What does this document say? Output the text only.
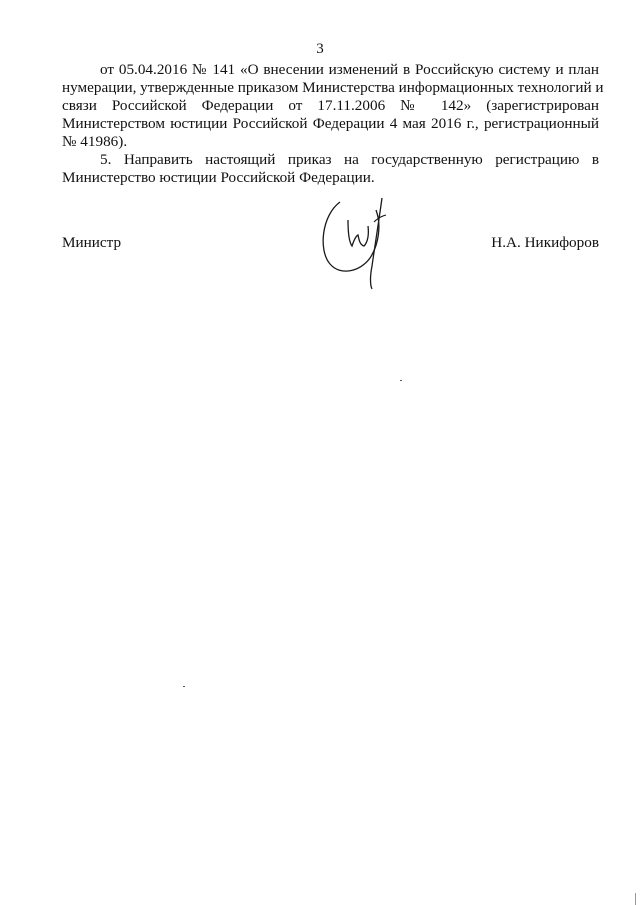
3
от 05.04.2016 № 141 «О внесении изменений в Российскую систему и план
нумерации, утвержденные приказом Министерства информационных технологий и
связи Российской Федерации от 17.11.2006 № 142» (зарегистрирован
Министерством юстиции Российской Федерации 4 мая 2016 г., регистрационный
№ 41986).
5. Направить настоящий приказ на государственную регистрацию в
Министерство юстиции Российской Федерации.
Министр	Н.А. Никифоров
